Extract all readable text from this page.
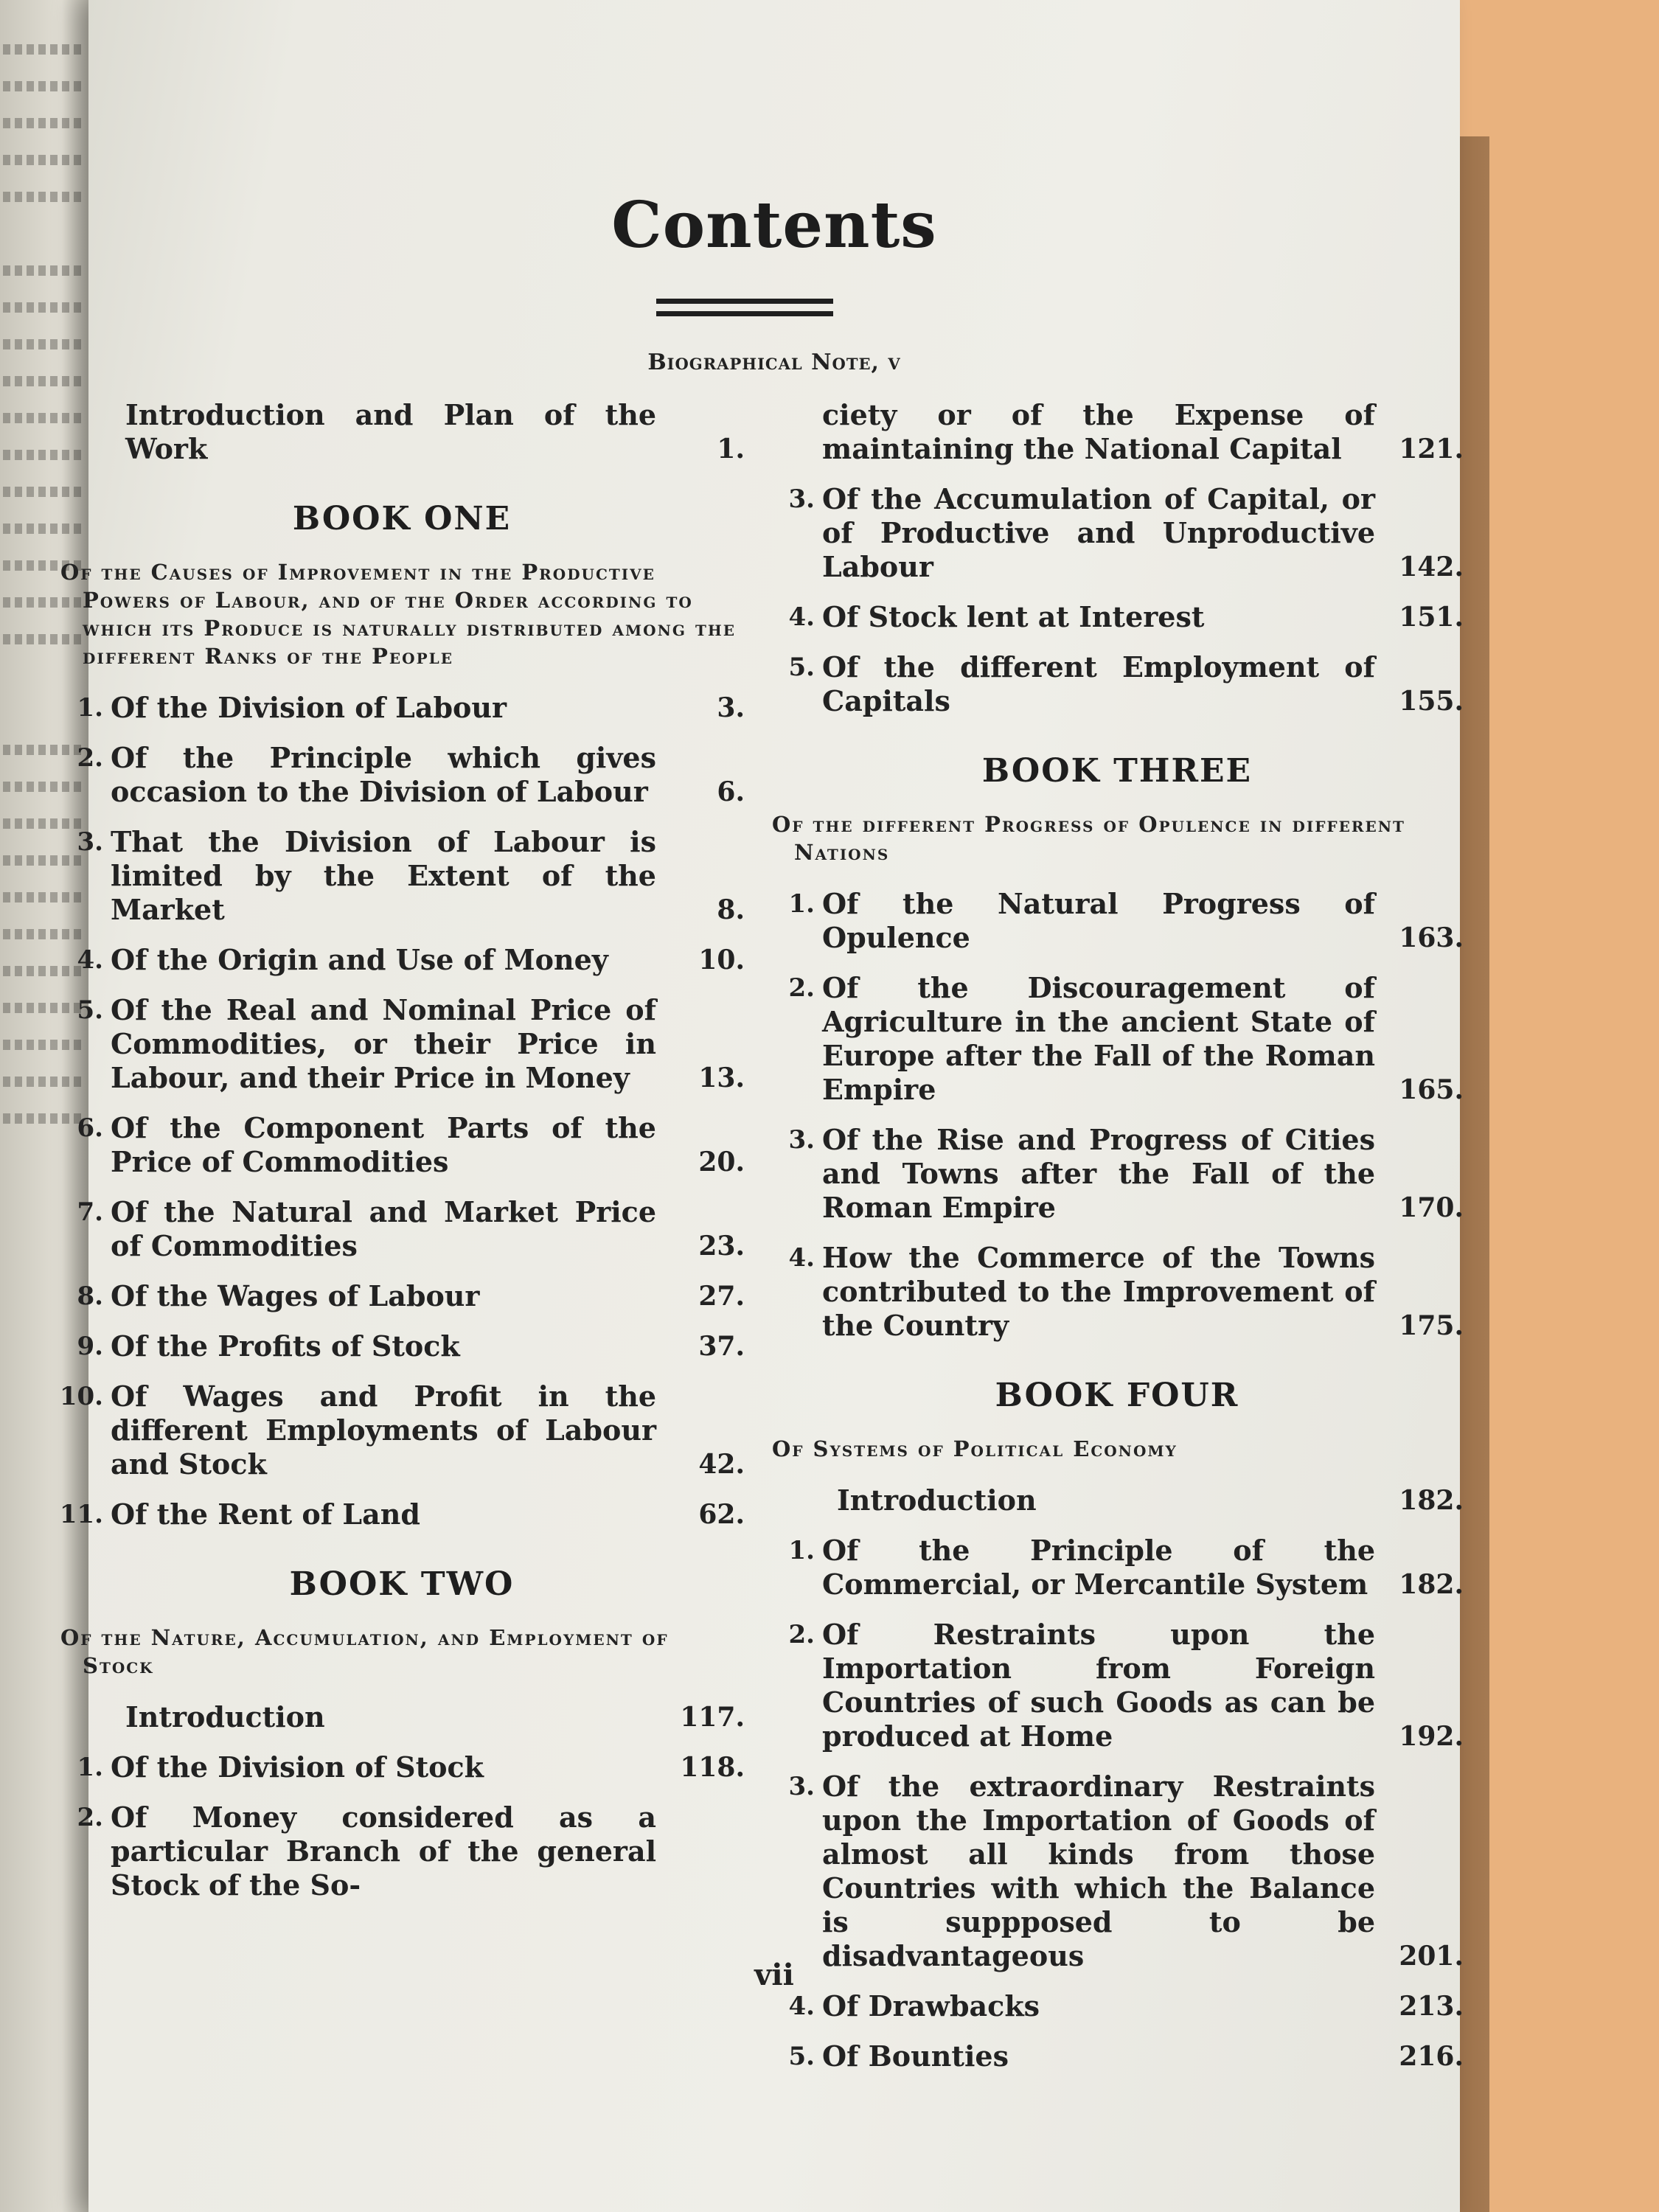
Contents
Biographical Note, v
Introduction and Plan of the Work	1.
BOOK ONE
Of the Causes of Improvement in the Productive Powers of Labour, and of the Order according to which its Produce is naturally distributed among the different Ranks of the People
1. Of the Division of Labour	3.
2. Of the Principle which gives occasion to the Division of Labour	6.
3. That the Division of Labour is limited by the Extent of the Market	8.
4. Of the Origin and Use of Money	10.
5. Of the Real and Nominal Price of Commodities, or their Price in Labour, and their Price in Money	13.
6. Of the Component Parts of the Price of Commodities	20.
7. Of the Natural and Market Price of Commodities	23.
8. Of the Wages of Labour	27.
9. Of the Profits of Stock	37.
10. Of Wages and Profit in the different Employments of Labour and Stock	42.
11. Of the Rent of Land	62.
BOOK TWO
Of the Nature, Accumulation, and Employment of Stock
Introduction	117.
1. Of the Division of Stock	118.
2. Of Money considered as a particular Branch of the general Stock of the So-
ciety or of the Expense of maintaining the National Capital 121.
3. Of the Accumulation of Capital, or of Productive and Unproductive Labour	142.
4. Of Stock lent at Interest	151.
5. Of the different Employment of Capitals	155.
BOOK THREE
Of the different Progress of Opulence in different Nations
1. Of the Natural Progress of Opulence	163.
2. Of the Discouragement of Agriculture in the ancient State of Europe after the Fall of the Roman Empire	165.
3. Of the Rise and Progress of Cities and Towns after the Fall of the Roman Empire	170.
4. How the Commerce of the Towns contributed to the Improvement of the Country	175.
BOOK FOUR
Of Systems of Political Economy
Introduction	182.
1. Of the Principle of the Commercial, or Mercantile System 182.
2. Of Restraints upon the Importation from Foreign Countries of such Goods as can be produced at Home	192.
3. Of the extraordinary Restraints upon the Importation of Goods of almost all kinds from those Countries with which the Balance is suppposed to be disadvantageous	201.
4. Of Drawbacks	213.
5. Of Bounties	216.
vii
